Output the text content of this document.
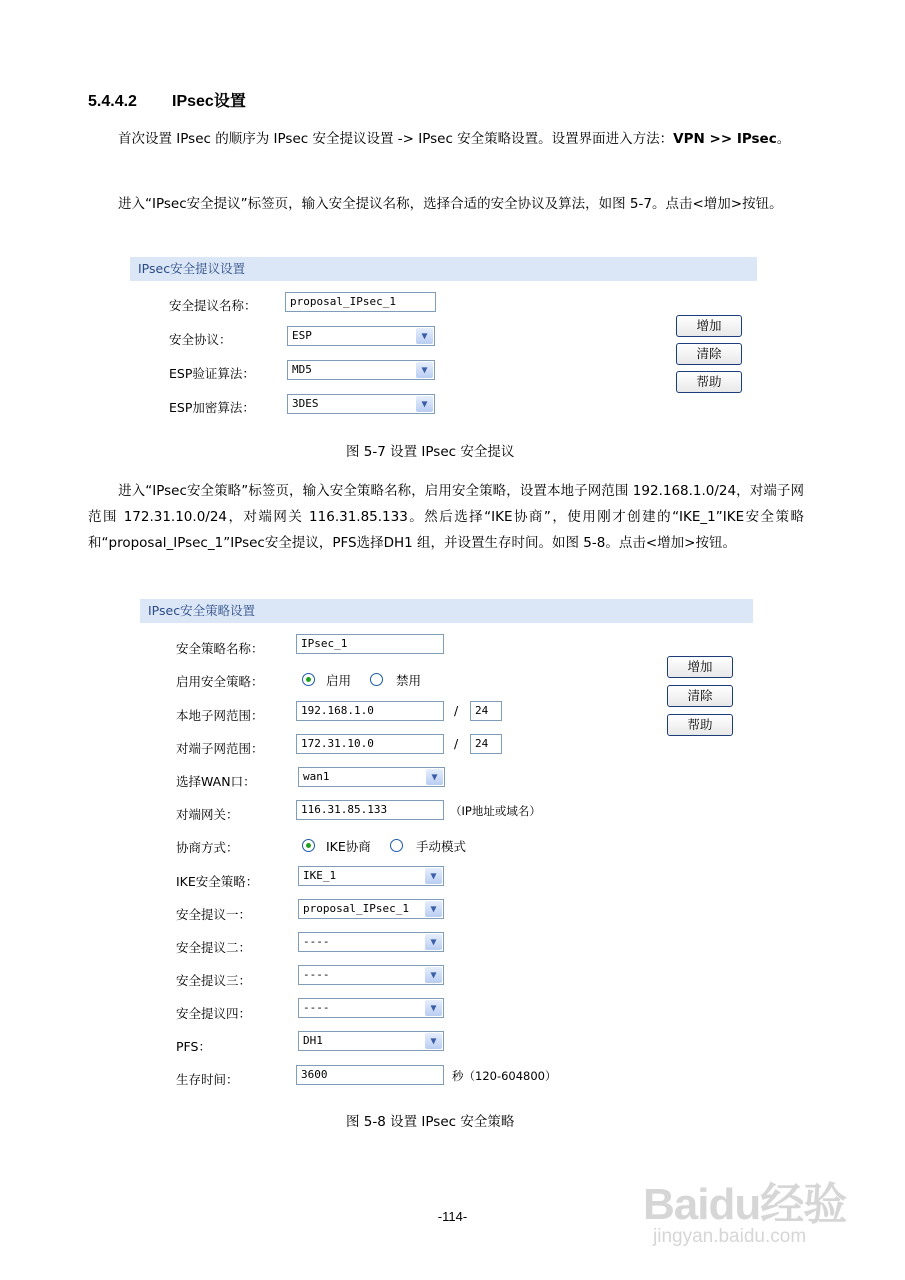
5.4.4.2 IPsec设置
首次设置 IPsec 的顺序为 IPsec 安全提议设置 -> IPsec 安全策略设置。设置界面进入方法：VPN >> IPsec。
进入“IPsec安全提议”标签页，输入安全提议名称，选择合适的安全协议及算法，如图 5-7。点击<增加>按钮。
IPsec安全提议设置
安全提议名称：	proposal_IPsec_1
安全协议：	ESP	▼
ESP验证算法：	MD5	▼
ESP加密算法：	3DES	▼
增加
清除
帮助
图 5-7 设置 IPsec 安全提议
进入“IPsec安全策略”标签页，输入安全策略名称，启用安全策略，设置本地子网范围 192.168.1.0/24，对端子网范围 172.31.10.0/24，对端网关 116.31.85.133。然后选择“IKE协商”，使用刚才创建的“IKE_1”IKE安全策略和“proposal_IPsec_1”IPsec安全提议，PFS选择DH1 组，并设置生存时间。如图 5-8。点击<增加>按钮。
IPsec安全策略设置
安全策略名称：	IPsec_1
启用安全策略：	启用	禁用
本地子网范围：	192.168.1.0	/	24
对端子网范围：	172.31.10.0	/	24
选择WAN口：	wan1	▼
对端网关：	116.31.85.133	（IP地址或域名）
协商方式：	IKE协商	手动模式
IKE安全策略：	IKE_1	▼
安全提议一：	proposal_IPsec_1	▼
安全提议二：	----	▼
安全提议三：	----	▼
安全提议四：	----	▼
PFS：	DH1	▼
生存时间：	3600	秒（120-604800）
增加
清除
帮助
图 5-8 设置 IPsec 安全策略
Baidu经验
jingyan.baidu.com
-114-
